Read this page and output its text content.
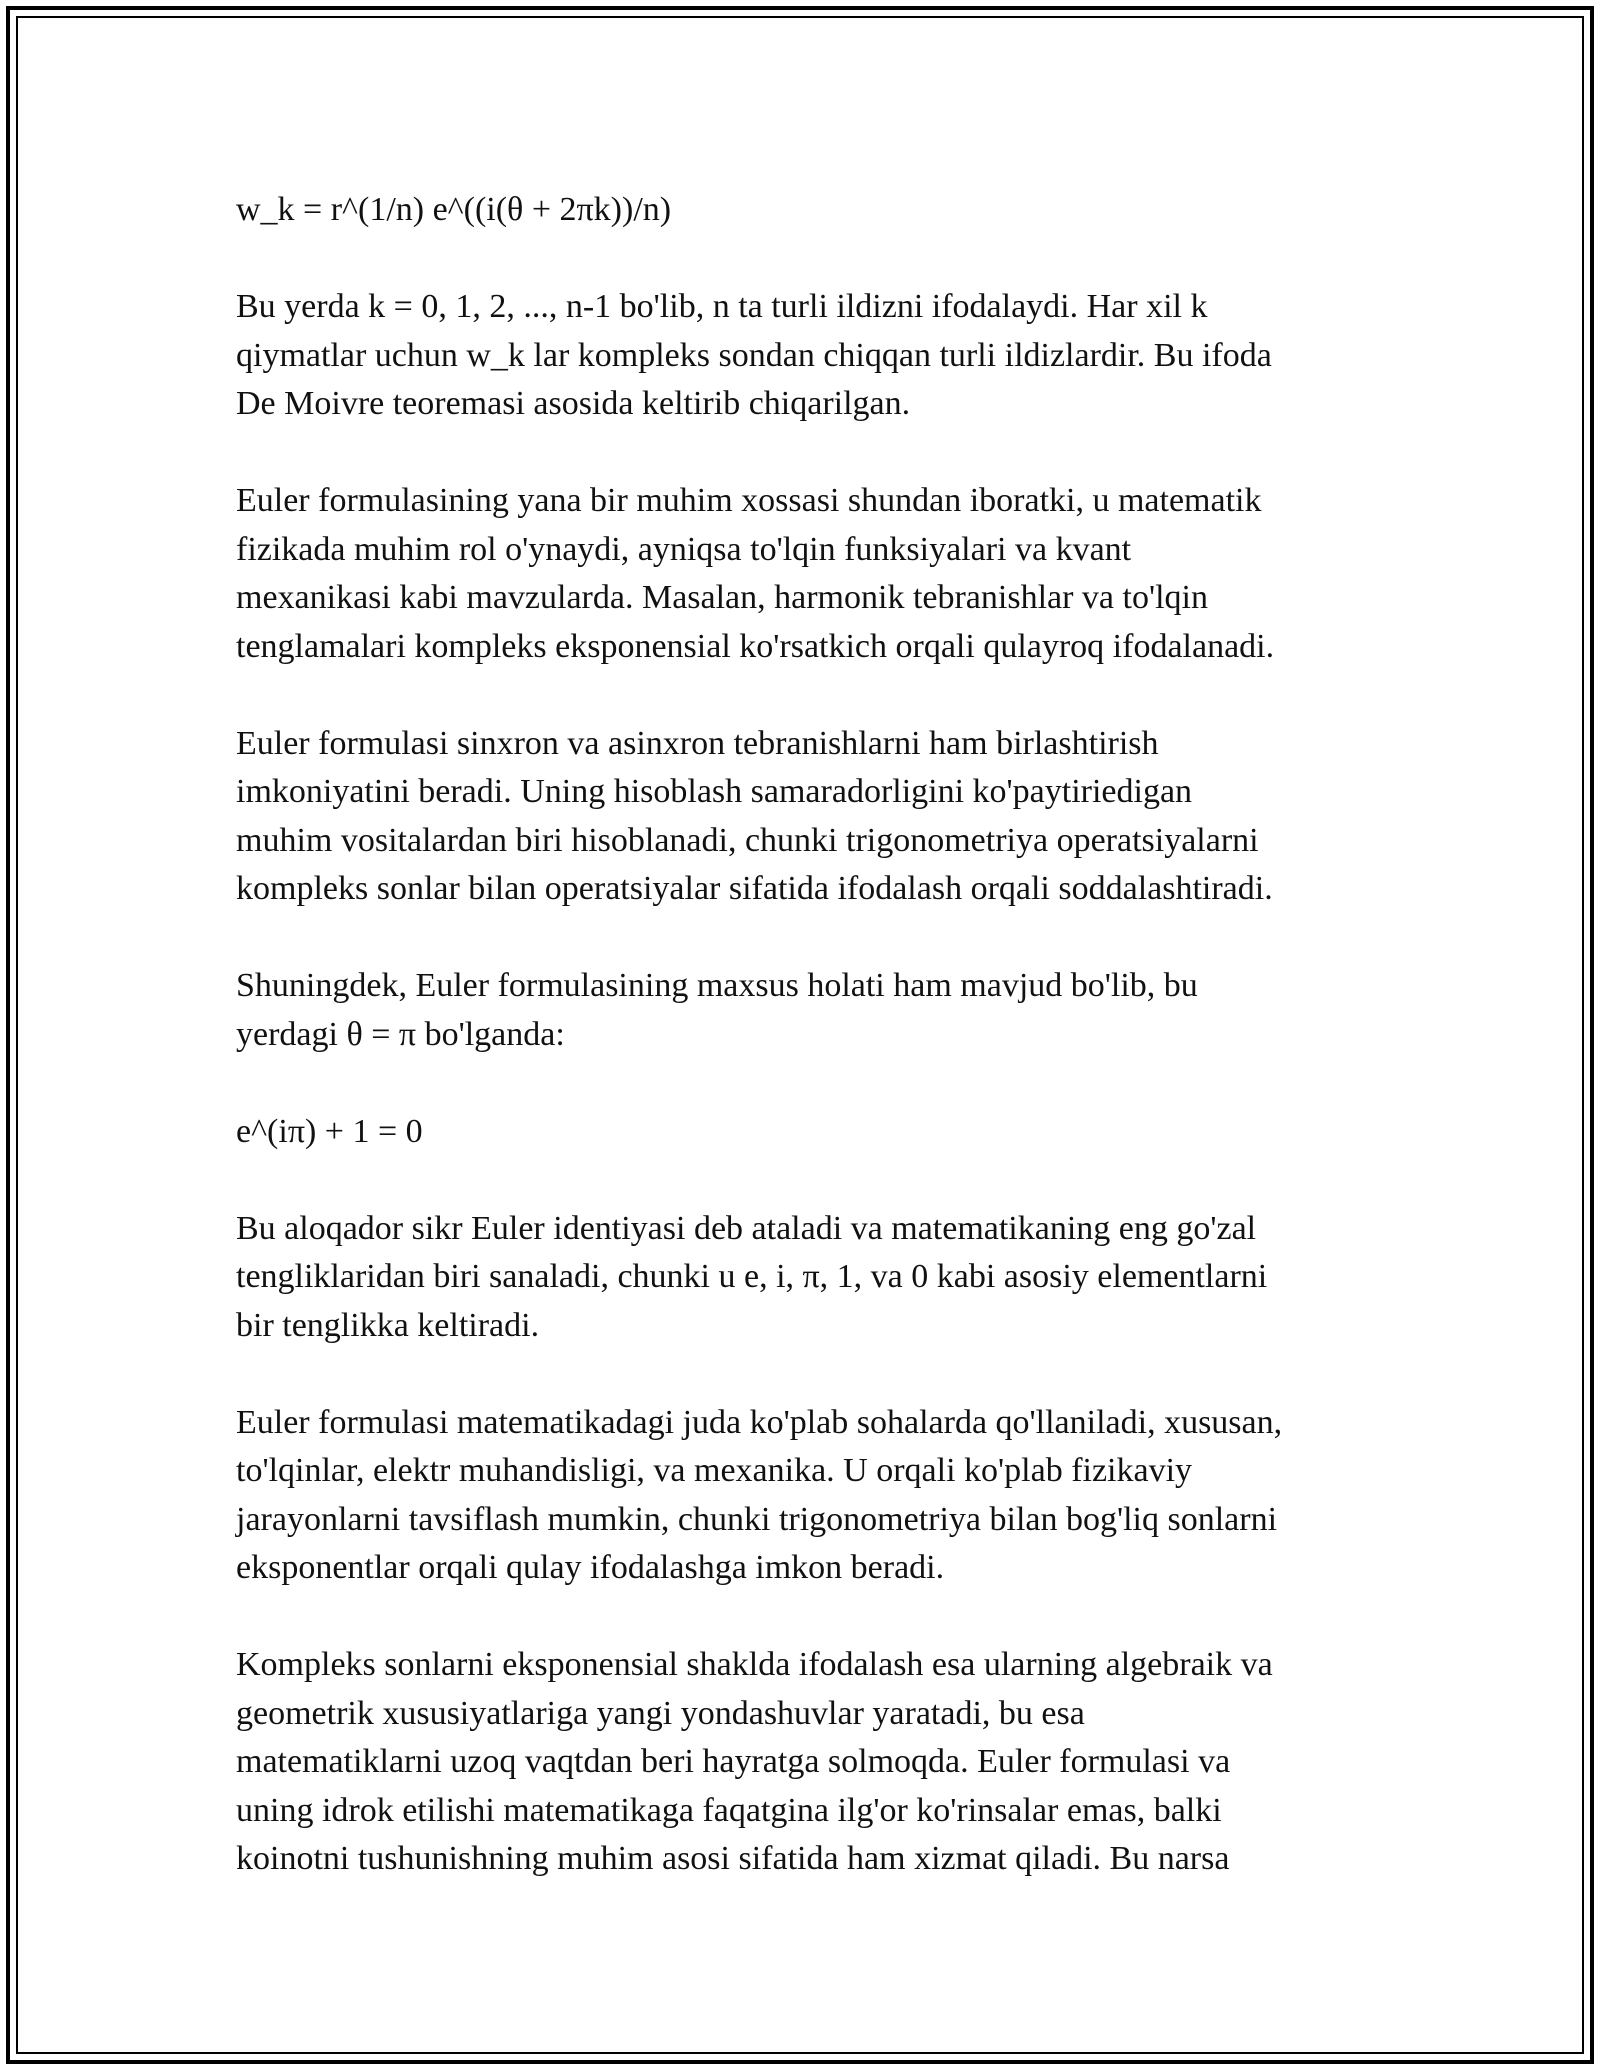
w_k = r^(1/n) e^((i(θ + 2πk))/n)

Bu yerda k = 0, 1, 2, ..., n-1 bo'lib, n ta turli ildizni ifodalaydi. Har xil k
qiymatlar uchun w_k lar kompleks sondan chiqqan turli ildizlardir. Bu ifoda
De Moivre teoremasi asosida keltirib chiqarilgan.

Euler formulasining yana bir muhim xossasi shundan iboratki, u matematik
fizikada muhim rol o'ynaydi, ayniqsa to'lqin funksiyalari va kvant
mexanikasi kabi mavzularda. Masalan, harmonik tebranishlar va to'lqin
tenglamalari kompleks eksponensial ko'rsatkich orqali qulayroq ifodalanadi.

Euler formulasi sinxron va asinxron tebranishlarni ham birlashtirish
imkoniyatini beradi. Uning hisoblash samaradorligini ko'paytiriedigan
muhim vositalardan biri hisoblanadi, chunki trigonometriya operatsiyalarni
kompleks sonlar bilan operatsiyalar sifatida ifodalash orqali soddalashtiradi.

Shuningdek, Euler formulasining maxsus holati ham mavjud bo'lib, bu
yerdagi θ = π bo'lganda:

e^(iπ) + 1 = 0

Bu aloqador sikr Euler identiyasi deb ataladi va matematikaning eng go'zal
tengliklaridan biri sanaladi, chunki u e, i, π, 1, va 0 kabi asosiy elementlarni
bir tenglikka keltiradi.

Euler formulasi matematikadagi juda ko'plab sohalarda qo'llaniladi, xususan,
to'lqinlar, elektr muhandisligi, va mexanika. U orqali ko'plab fizikaviy
jarayonlarni tavsiflash mumkin, chunki trigonometriya bilan bog'liq sonlarni
eksponentlar orqali qulay ifodalashga imkon beradi.

Kompleks sonlarni eksponensial shaklda ifodalash esa ularning algebraik va
geometrik xususiyatlariga yangi yondashuvlar yaratadi, bu esa
matematiklarni uzoq vaqtdan beri hayratga solmoqda. Euler formulasi va
uning idrok etilishi matematikaga faqatgina ilg'or ko'rinsalar emas, balki
koinotni tushunishning muhim asosi sifatida ham xizmat qiladi. Bu narsa
